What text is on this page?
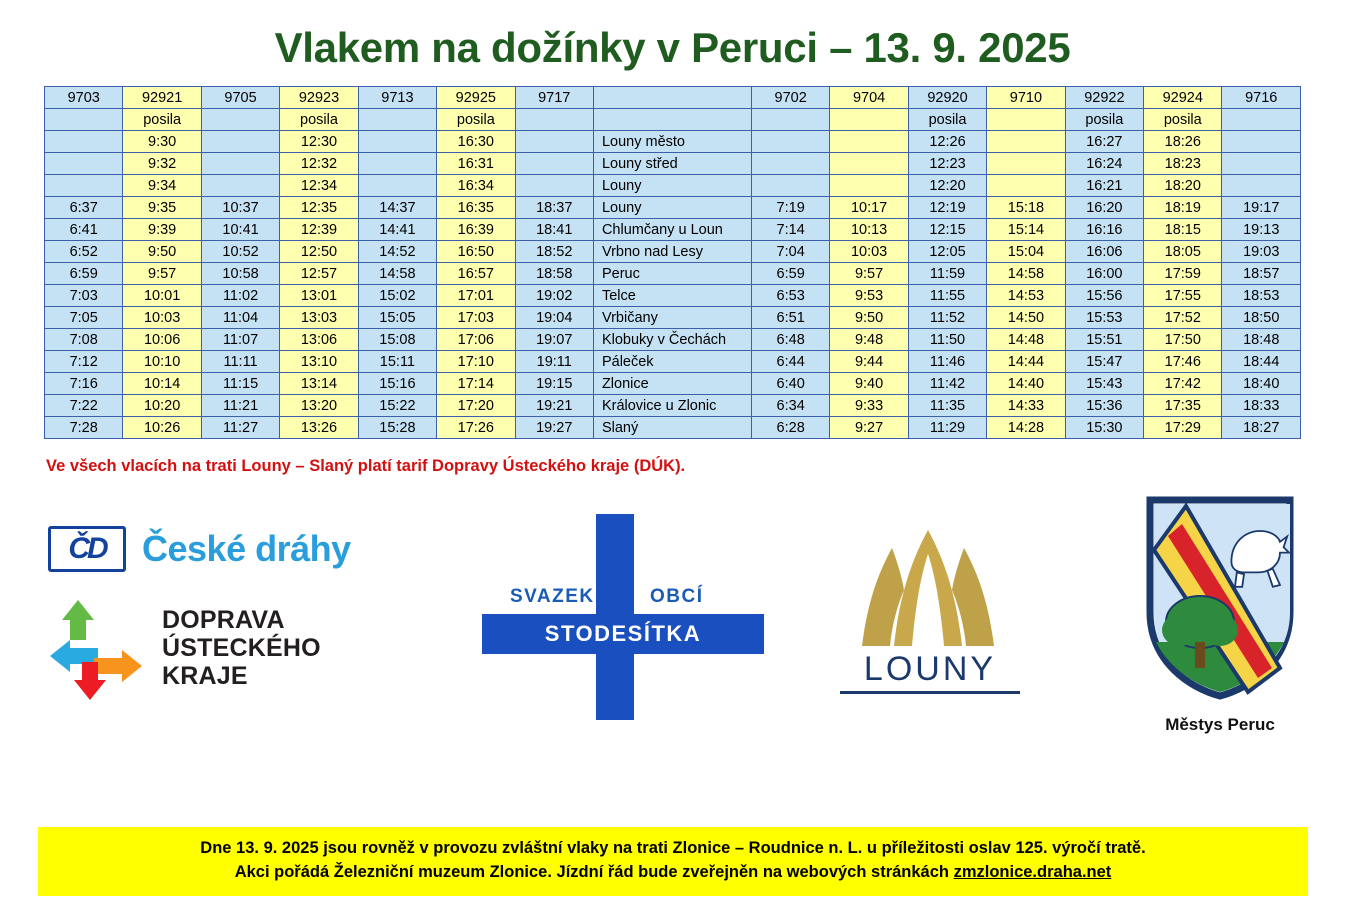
Vlakem na dožínky v Peruci – 13. 9. 2025
9703	92921	9705	92923	9713	92925	9717		9702	9704	92920	9710	92922	92924	9716
	posila		posila		posila					posila		posila	posila	
	9:30		12:30		16:30		Louny město			12:26		16:27	18:26	
	9:32		12:32		16:31		Louny střed			12:23		16:24	18:23	
	9:34		12:34		16:34		Louny			12:20		16:21	18:20	
6:37	9:35	10:37	12:35	14:37	16:35	18:37	Louny	7:19	10:17	12:19	15:18	16:20	18:19	19:17
6:41	9:39	10:41	12:39	14:41	16:39	18:41	Chlumčany u Loun	7:14	10:13	12:15	15:14	16:16	18:15	19:13
6:52	9:50	10:52	12:50	14:52	16:50	18:52	Vrbno nad Lesy	7:04	10:03	12:05	15:04	16:06	18:05	19:03
6:59	9:57	10:58	12:57	14:58	16:57	18:58	Peruc	6:59	9:57	11:59	14:58	16:00	17:59	18:57
7:03	10:01	11:02	13:01	15:02	17:01	19:02	Telce	6:53	9:53	11:55	14:53	15:56	17:55	18:53
7:05	10:03	11:04	13:03	15:05	17:03	19:04	Vrbičany	6:51	9:50	11:52	14:50	15:53	17:52	18:50
7:08	10:06	11:07	13:06	15:08	17:06	19:07	Klobuky v Čechách	6:48	9:48	11:50	14:48	15:51	17:50	18:48
7:12	10:10	11:11	13:10	15:11	17:10	19:11	Páleček	6:44	9:44	11:46	14:44	15:47	17:46	18:44
7:16	10:14	11:15	13:14	15:16	17:14	19:15	Zlonice	6:40	9:40	11:42	14:40	15:43	17:42	18:40
7:22	10:20	11:21	13:20	15:22	17:20	19:21	Královice u Zlonic	6:34	9:33	11:35	14:33	15:36	17:35	18:33
7:28	10:26	11:27	13:26	15:28	17:26	19:27	Slaný	6:28	9:27	11:29	14:28	15:30	17:29	18:27
Ve všech vlacích na trati Louny – Slaný platí tarif Dopravy Ústeckého kraje (DÚK).
ČD	České dráhy
DOPRAVA
ÚSTECKÉHO
KRAJE
SVAZEK	OBCÍ
STODESÍTKA
LOUNY
Městys Peruc

Dne 13. 9. 2025 jsou rovněž v provozu zvláštní vlaky na trati Zlonice – Roudnice n. L. u příležitosti oslav 125. výročí tratě.

Akci pořádá Železniční muzeum Zlonice. Jízdní řád bude zveřejněn na webových stránkách zmzlonice.draha.net
